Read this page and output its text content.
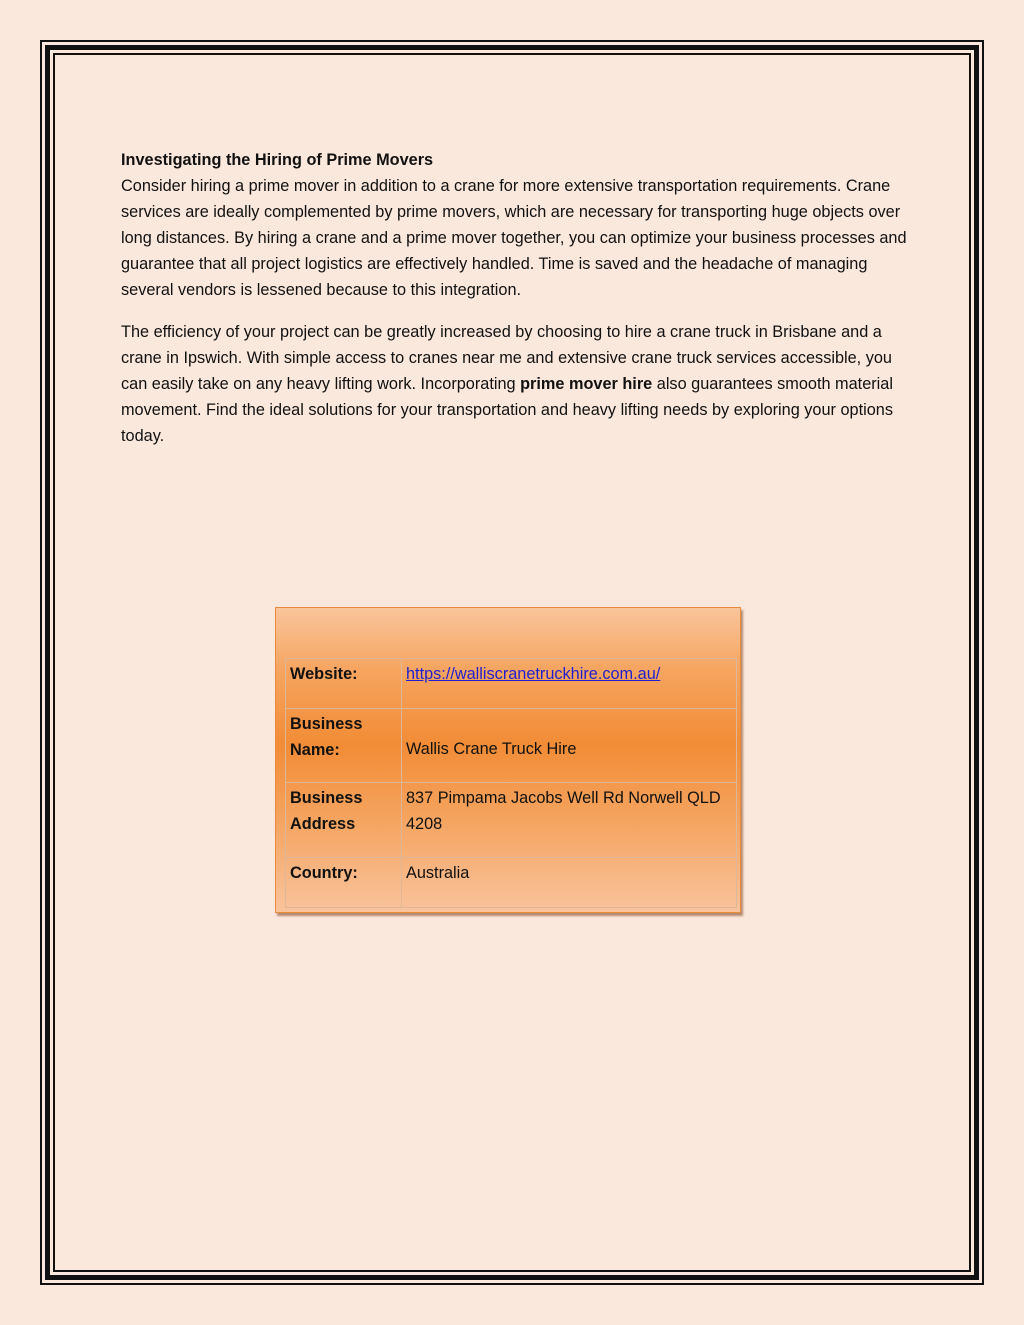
Investigating the Hiring of Prime Movers
Consider hiring a prime mover in addition to a crane for more extensive transportation requirements. Crane services are ideally complemented by prime movers, which are necessary for transporting huge objects over long distances. By hiring a crane and a prime mover together, you can optimize your business processes and guarantee that all project logistics are effectively handled. Time is saved and the headache of managing several vendors is lessened because to this integration.

The efficiency of your project can be greatly increased by choosing to hire a crane truck in Brisbane and a crane in Ipswich. With simple access to cranes near me and extensive crane truck services accessible, you can easily take on any heavy lifting work. Incorporating prime mover hire also guarantees smooth material movement. Find the ideal solutions for your transportation and heavy lifting needs by exploring your options today.

Website:	https://walliscranetruckhire.com.au/
Business Name:	Wallis Crane Truck Hire
Business Address	837 Pimpama Jacobs Well Rd Norwell QLD 4208
Country:	Australia
